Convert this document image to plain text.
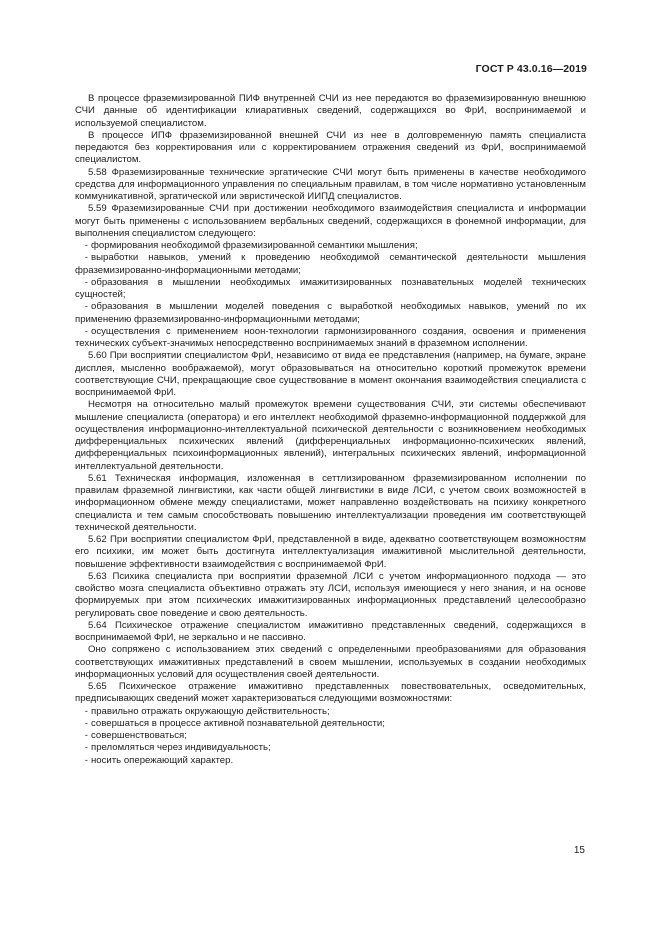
ГОСТ Р 43.0.16—2019

В процессе фраземизированной ПИФ внутренней СЧИ из нее передаются во фраземизированную внешнюю СЧИ данные об идентификации клиаративных сведений, содержащихся во ФрИ, воспринимаемой и используемой специалистом.

В процессе ИПФ фраземизированной внешней СЧИ из нее в долговременную память специалиста передаются без корректирования или с корректированием отражения сведений из ФрИ, воспринимаемой специалистом.

5.58 Фраземизированные технические эргатические СЧИ могут быть применены в качестве необходимого средства для информационного управления по специальным правилам, в том числе нормативно установленным коммуникативной, эргатической или эвристической ИИПД специалистов.

5.59 Фраземизированные СЧИ при достижении необходимого взаимодействия специалиста и информации могут быть применены с использованием вербальных сведений, содержащихся в фонемной информации, для выполнения специалистом следующего:

- формирования необходимой фраземизированной семантики мышления;

- выработки навыков, умений к проведению необходимой семантической деятельности мышления фраземизированно-информационными методами;

- образования в мышлении необходимых имажитизированных познавательных моделей технических сущностей;

- образования в мышлении моделей поведения с выработкой необходимых навыков, умений по их применению фраземизированно-информационными методами;

- осуществления с применением ноон-технологии гармонизированного создания, освоения и применения технических субъект-значимых непосредственно воспринимаемых знаний в фраземном исполнении.

5.60 При восприятии специалистом ФрИ, независимо от вида ее представления (например, на бумаге, экране дисплея, мысленно воображаемой), могут образовываться на относительно короткий промежуток времени соответствующие СЧИ, прекращающие свое существование в момент окончания взаимодействия специалиста с воспринимаемой ФрИ.

Несмотря на относительно малый промежуток времени существования СЧИ, эти системы обеспечивают мышление специалиста (оператора) и его интеллект необходимой фраземно-информационной поддержкой для осуществления информационно-интеллектуальной психической деятельности с возникновением необходимых дифференциальных психических явлений (дифференциальных информационно-психических явлений, дифференциальных психоинформационных явлений), интегральных психических явлений, информационной интеллектуальной деятельности.

5.61 Техническая информация, изложенная в сеттлизированном фраземизированном исполнении по правилам фраземной лингвистики, как части общей лингвистики в виде ЛСИ, с учетом своих возможностей в информационном обмене между специалистами, может направленно воздействовать на психику конкретного специалиста и тем самым способствовать повышению интеллектуализации проведения им соответствующей технической деятельности.

5.62 При восприятии специалистом ФрИ, представленной в виде, адекватно соответствующем возможностям его психики, им может быть достигнута интеллектуализация имажитивной мыслительной деятельности, повышение эффективности взаимодействия с воспринимаемой ФрИ.

5.63 Психика специалиста при восприятии фраземной ЛСИ с учетом информационного подхода — это свойство мозга специалиста объективно отражать эту ЛСИ, используя имеющиеся у него знания, и на основе формируемых при этом психических имажитизированных информационных представлений целесообразно регулировать свое поведение и свою деятельность.

5.64 Психическое отражение специалистом имажитивно представленных сведений, содержащихся в воспринимаемой ФрИ, не зеркально и не пассивно.

Оно сопряжено с использованием этих сведений с определенными преобразованиями для образования соответствующих имажитивных представлений в своем мышлении, используемых в создании необходимых информационных условий для осуществления своей деятельности.

5.65 Психическое отражение имажитивно представленных повествовательных, осведомительных, предписывающих сведений может характеризоваться следующими возможностями:

- правильно отражать окружающую действительность;

- совершаться в процессе активной познавательной деятельности;

- совершенствоваться;

- преломляться через индивидуальность;

- носить опережающий характер.

15
